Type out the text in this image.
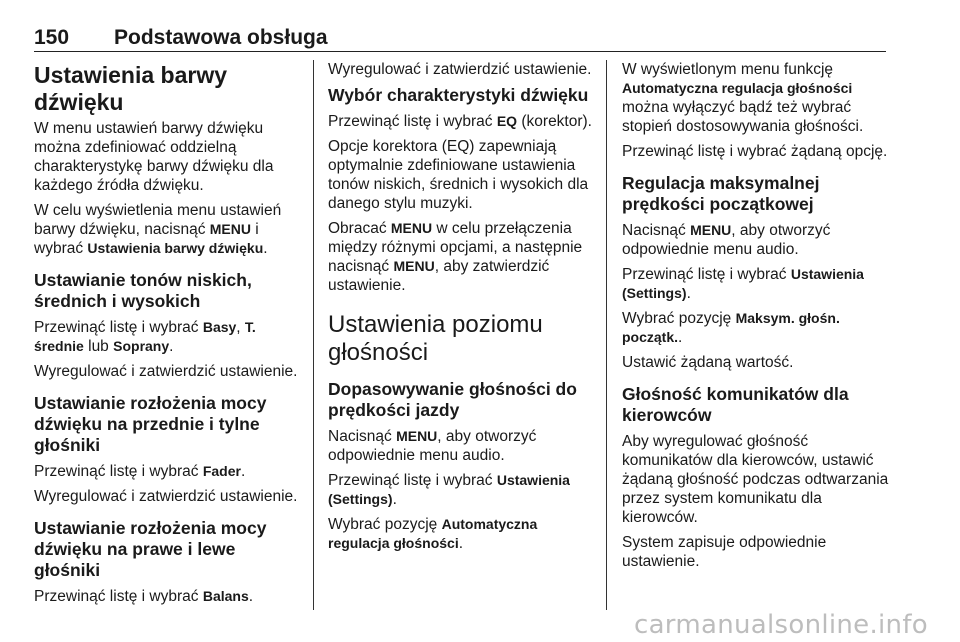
150 Podstawowa obsługa
Ustawienia barwy dźwięku

W menu ustawień barwy dźwięku można zdefiniować oddzielną charakterystykę barwy dźwięku dla każdego źródła dźwięku.

W celu wyświetlenia menu ustawień barwy dźwięku, nacisnąć MENU i wybrać Ustawienia barwy dźwięku.

Ustawianie tonów niskich, średnich i wysokich

Przewinąć listę i wybrać Basy, T. średnie lub Soprany.

Wyregulować i zatwierdzić ustawienie.

Ustawianie rozłożenia mocy dźwięku na przednie i tylne głośniki

Przewinąć listę i wybrać Fader.

Wyregulować i zatwierdzić ustawienie.

Ustawianie rozłożenia mocy dźwięku na prawe i lewe głośniki

Przewinąć listę i wybrać Balans.

Wyregulować i zatwierdzić ustawienie.

Wybór charakterystyki dźwięku

Przewinąć listę i wybrać EQ (korektor).

Opcje korektora (EQ) zapewniają optymalnie zdefiniowane ustawienia tonów niskich, średnich i wysokich dla danego stylu muzyki.

Obracać MENU w celu przełączenia między różnymi opcjami, a następnie nacisnąć MENU, aby zatwierdzić ustawienie.

Ustawienia poziomu głośności
Dopasowywanie głośności do prędkości jazdy

Nacisnąć MENU, aby otworzyć odpowiednie menu audio.

Przewinąć listę i wybrać Ustawienia (Settings).

Wybrać pozycję Automatyczna regulacja głośności.

W wyświetlonym menu funkcję Automatyczna regulacja głośności można wyłączyć bądź też wybrać stopień dostosowywania głośności.

Przewinąć listę i wybrać żądaną opcję.

Regulacja maksymalnej prędkości początkowej

Nacisnąć MENU, aby otworzyć odpowiednie menu audio.

Przewinąć listę i wybrać Ustawienia (Settings).

Wybrać pozycję Maksym. głośn. początk..

Ustawić żądaną wartość.

Głośność komunikatów dla kierowców

Aby wyregulować głośność komunikatów dla kierowców, ustawić żądaną głośność podczas odtwarzania przez system komunikatu dla kierowców.

System zapisuje odpowiednie ustawienie.

carmanualsonline.info
